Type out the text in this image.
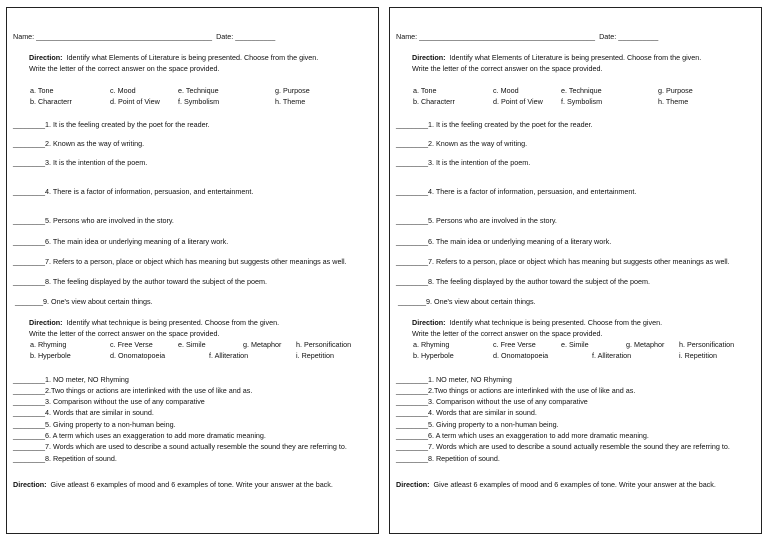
Name: ____________________________________________ Date: __________
Direction: Identify what Elements of Literature is being presented. Choose from the given.
Write the letter of the correct answer on the space provided.
a. Tone	c. Mood	e. Technique	g. Purpose
b. Characterr	d. Point of View	f. Symbolism	h. Theme
________1. It is the feeling created by the poet for the reader.
________2. Known as the way of writing.
________3. It is the intention of the poem.
________4. There is a factor of information, persuasion, and entertainment.
________5. Persons who are involved in the story.
________6. The main idea or underlying meaning of a literary work.
________7. Refers to a person, place or object which has meaning but suggests other meanings as well.
________8. The feeling displayed by the author toward the subject of the poem.
_______9. One's view about certain things.
Direction: Identify what technique is being presented. Choose from the given.
Write the letter of the correct answer on the space provided.
a. Rhyming	c. Free Verse	e. Simile	g. Metaphor h. Personification
b. Hyperbole	d. Onomatopoeia	f. Alliteration	i. Repetition
________1. NO meter, NO Rhyming
________2.Two things or actions are interlinked with the use of like and as.
________3. Comparison without the use of any comparative
________4. Words that are similar in sound.
________5. Giving property to a non-human being.
________6. A term which uses an exaggeration to add more dramatic meaning.
________7. Words which are used to describe a sound actually resemble the sound they are referring to.
________8. Repetition of sound.
Direction: Give atleast 6 examples of mood and 6 examples of tone. Write your answer at the back.
Name: ____________________________________________ Date: __________
Direction: Identify what Elements of Literature is being presented. Choose from the given.
Write the letter of the correct answer on the space provided.
a. Tone	c. Mood	e. Technique	g. Purpose
b. Characterr	d. Point of View	f. Symbolism	h. Theme
________1. It is the feeling created by the poet for the reader.
________2. Known as the way of writing.
________3. It is the intention of the poem.
________4. There is a factor of information, persuasion, and entertainment.
________5. Persons who are involved in the story.
________6. The main idea or underlying meaning of a literary work.
________7. Refers to a person, place or object which has meaning but suggests other meanings as well.
________8. The feeling displayed by the author toward the subject of the poem.
_______9. One's view about certain things.
Direction: Identify what technique is being presented. Choose from the given.
Write the letter of the correct answer on the space provided.
a. Rhyming	c. Free Verse	e. Simile	g. Metaphor h. Personification
b. Hyperbole	d. Onomatopoeia	f. Alliteration	i. Repetition
________1. NO meter, NO Rhyming
________2.Two things or actions are interlinked with the use of like and as.
________3. Comparison without the use of any comparative
________4. Words that are similar in sound.
________5. Giving property to a non-human being.
________6. A term which uses an exaggeration to add more dramatic meaning.
________7. Words which are used to describe a sound actually resemble the sound they are referring to.
________8. Repetition of sound.
Direction: Give atleast 6 examples of mood and 6 examples of tone. Write your answer at the back.
